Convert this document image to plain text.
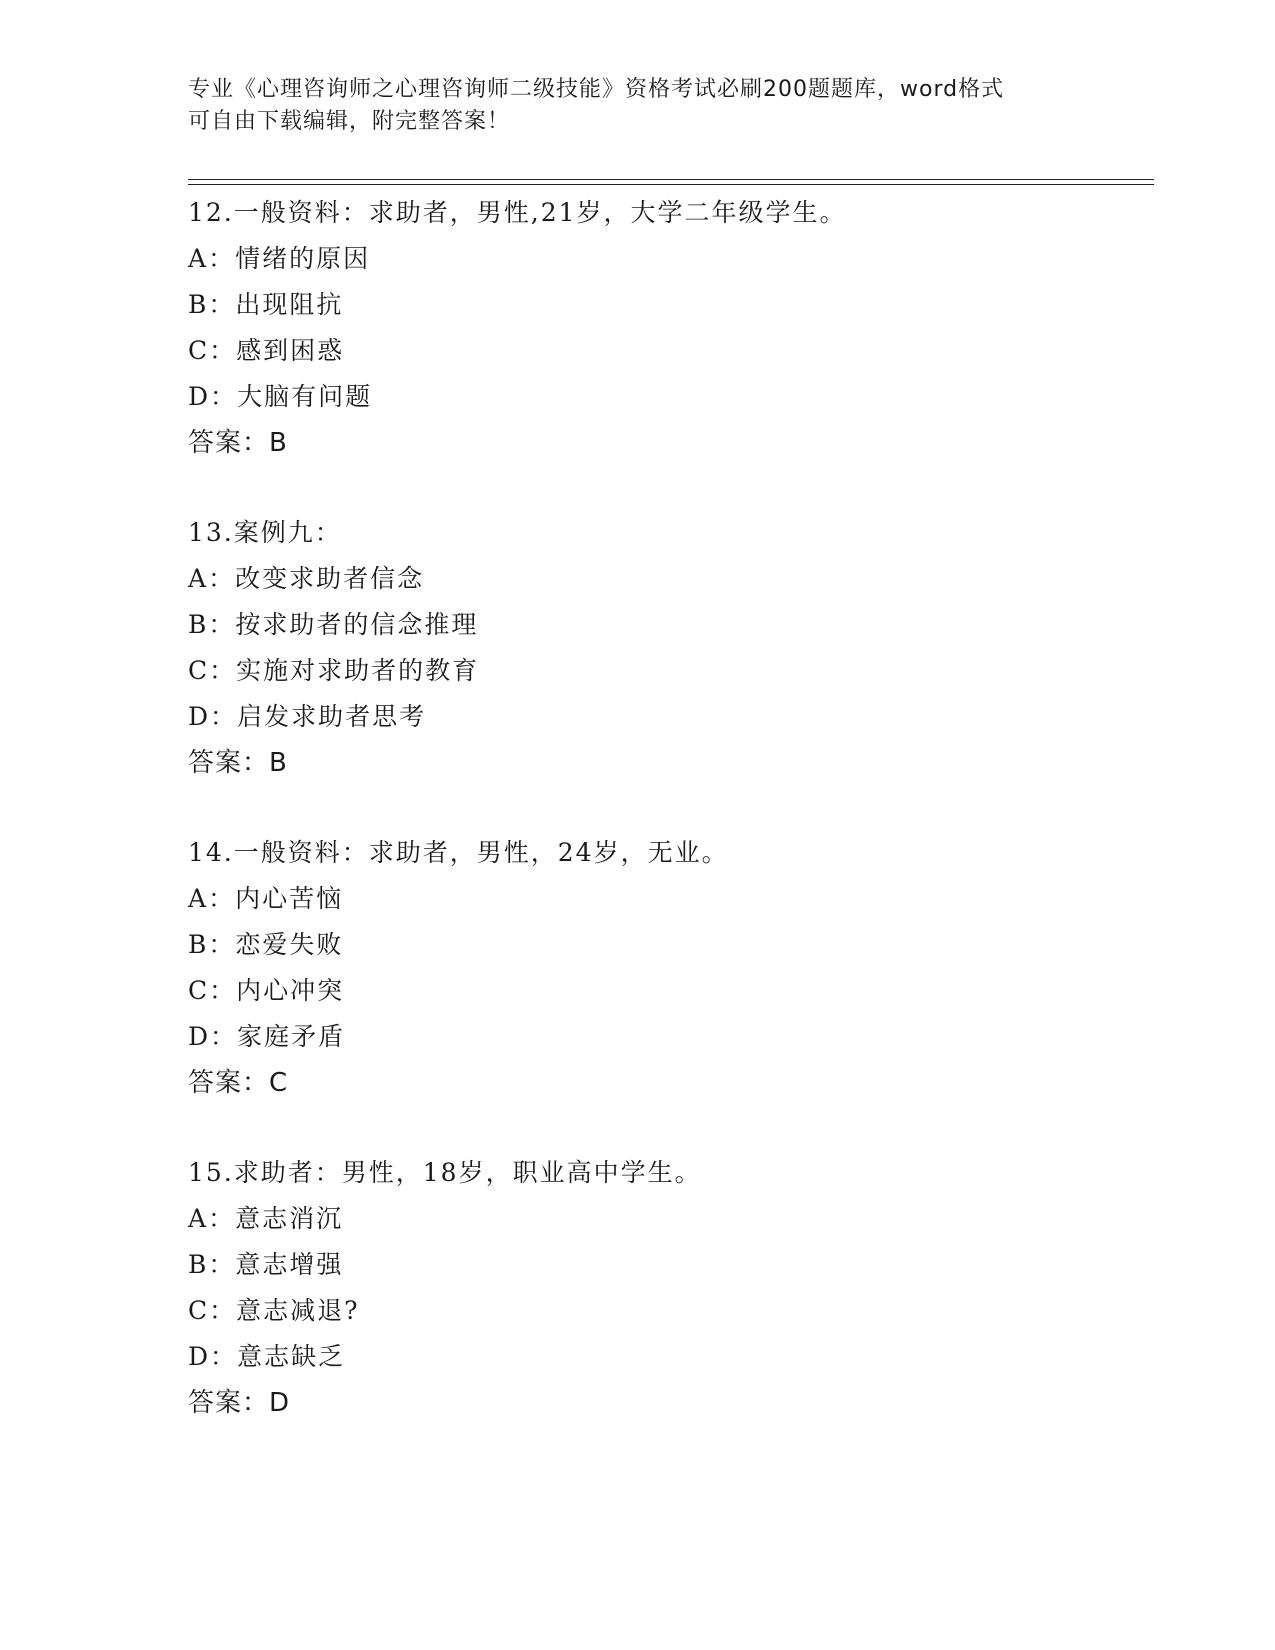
专业《心理咨询师之心理咨询师二级技能》资格考试必刷200题题库，word格式
可自由下载编辑，附完整答案！
12 . 一般资料：求助者，男性,21岁，大学二年级学生。
A ： 情绪的原因
B ： 出现阻抗
C ： 感到困惑
D ： 大脑有问题
答案：B
13 . 案例九：
A ： 改变求助者信念
B ： 按求助者的信念推理
C ： 实施对求助者的教育
D ： 启发求助者思考
答案：B
14 . 一般资料：求助者，男性，24岁，无业。
A ： 内心苦恼
B ： 恋爱失败
C ： 内心冲突
D ： 家庭矛盾
答案：C
15 . 求助者：男性，18岁，职业高中学生。
A ： 意志消沉
B ： 意志增强
C ： 意志减退?
D ： 意志缺乏
答案：D
